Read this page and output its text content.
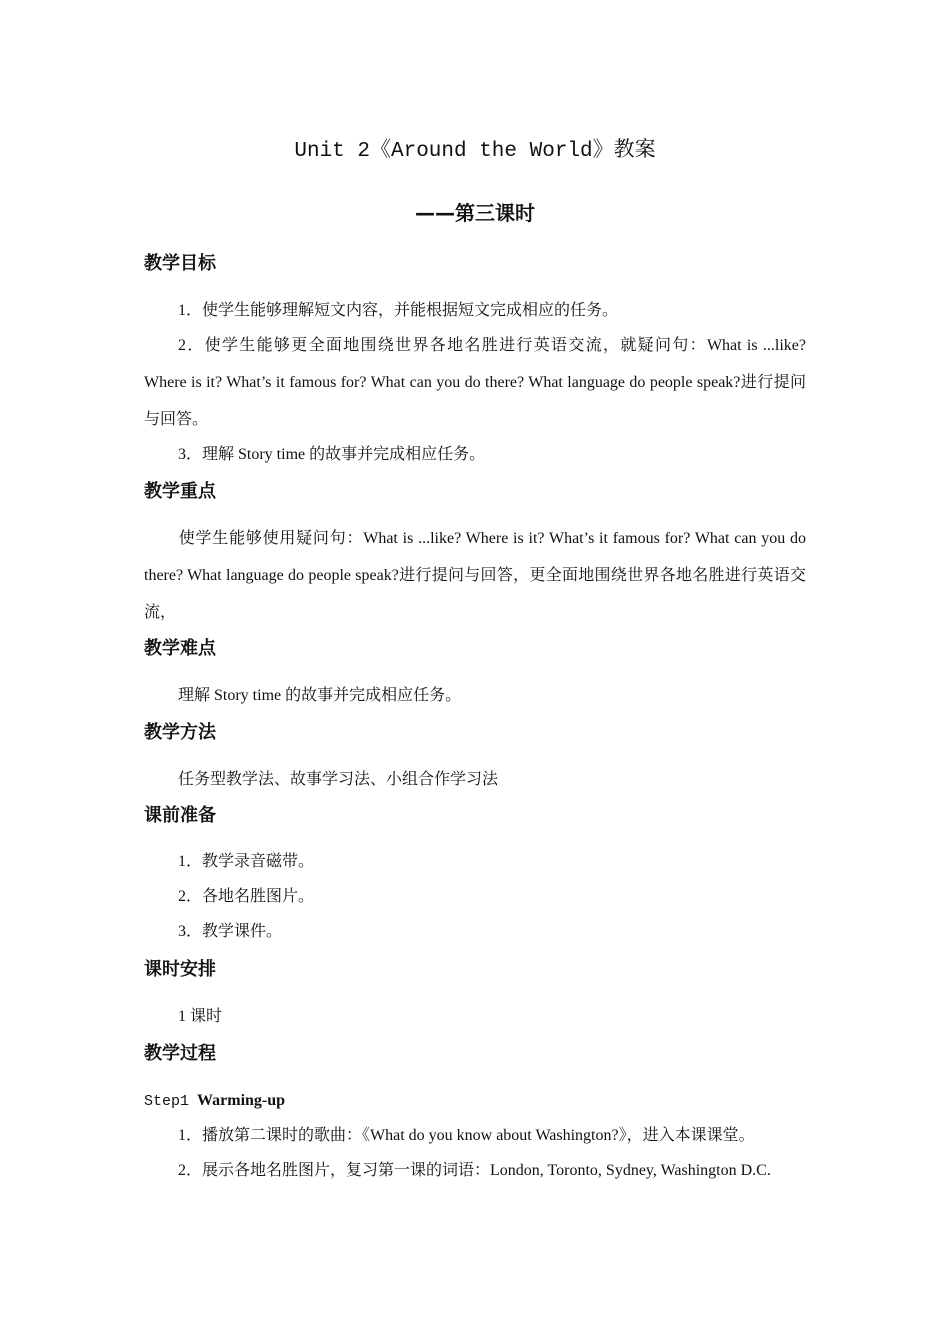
Unit 2《Around the World》教案
——第三课时
教学目标
1．使学生能够理解短文内容，并能根据短文完成相应的任务。
2．使学生能够更全面地围绕世界各地名胜进行英语交流，就疑问句：What is ...like? Where is it? What’s it famous for? What can you do there? What language do people speak?进行提问与回答。
3．理解 Story time 的故事并完成相应任务。
教学重点
使学生能够使用疑问句：What is ...like? Where is it? What’s it famous for? What can you do there? What language do people speak?进行提问与回答，更全面地围绕世界各地名胜进行英语交流，
教学难点
理解 Story time 的故事并完成相应任务。
教学方法
任务型教学法、故事学习法、小组合作学习法
课前准备
1．教学录音磁带。
2．各地名胜图片。
3．教学课件。
课时安排
1 课时
教学过程
Step1 Warming-up
1．播放第二课时的歌曲：《What do you know about Washington?》，进入本课课堂。
2．展示各地名胜图片，复习第一课的词语：London, Toronto, Sydney, Washington D.C.
